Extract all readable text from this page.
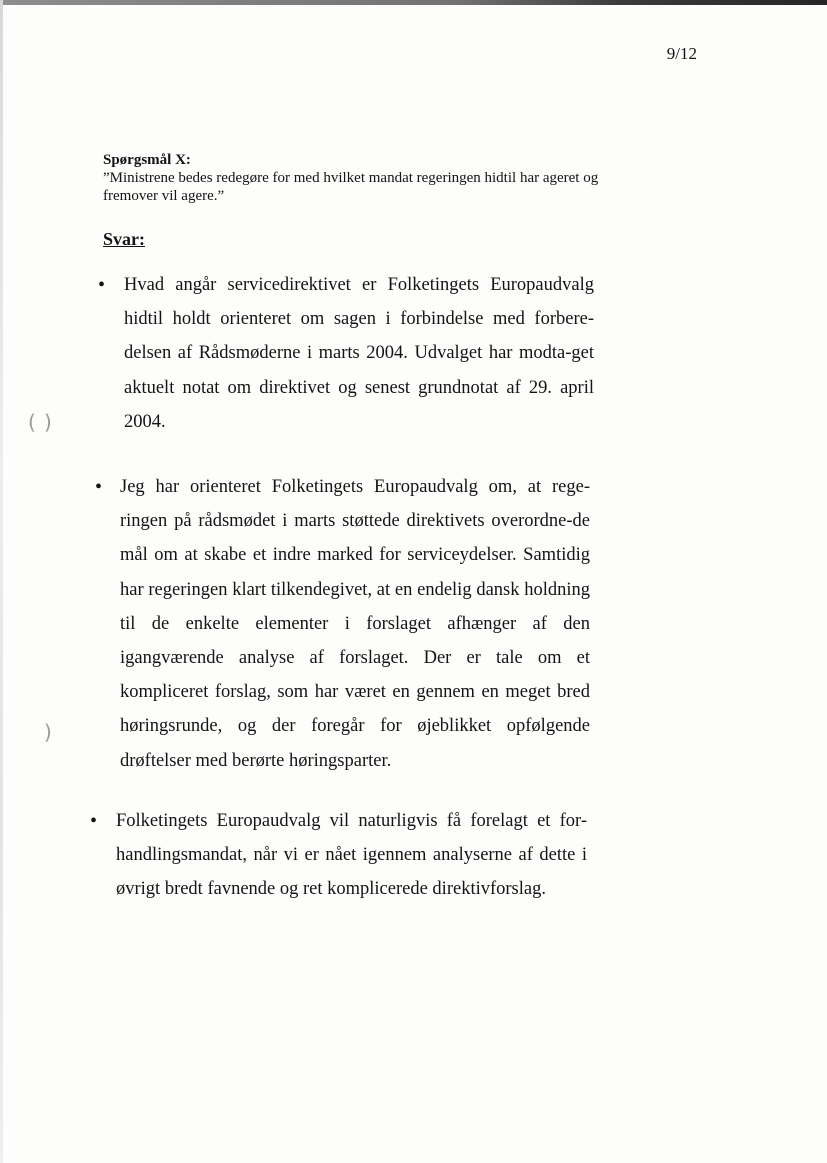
( )
)
9/12
Spørgsmål X:
”Ministrene bedes redegøre for med hvilket mandat regeringen hidtil har ageret og fremover vil agere.”
Svar:
•	Hvad angår servicedirektivet er Folketingets Europaudvalg hidtil holdt orienteret om sagen i forbindelse med forbere-delsen af Rådsmøderne i marts 2004. Udvalget har modta-get aktuelt notat om direktivet og senest grundnotat af 29. april 2004.
• Jeg har orienteret Folketingets Europaudvalg om, at rege-ringen på rådsmødet i marts støttede direktivets overordne-de mål om at skabe et indre marked for serviceydelser. Samtidig har regeringen klart tilkendegivet, at en endelig dansk holdning til de enkelte elementer i forslaget afhænger af den igangværende analyse af forslaget. Der er tale om et kompliceret forslag, som har været en gennem en meget bred høringsrunde, og der foregår for øjeblikket opfølgende drøftelser med berørte høringsparter.
•	Folketingets Europaudvalg vil naturligvis få forelagt et for-handlingsmandat, når vi er nået igennem analyserne af dette i øvrigt bredt favnende og ret komplicerede direktivforslag.
